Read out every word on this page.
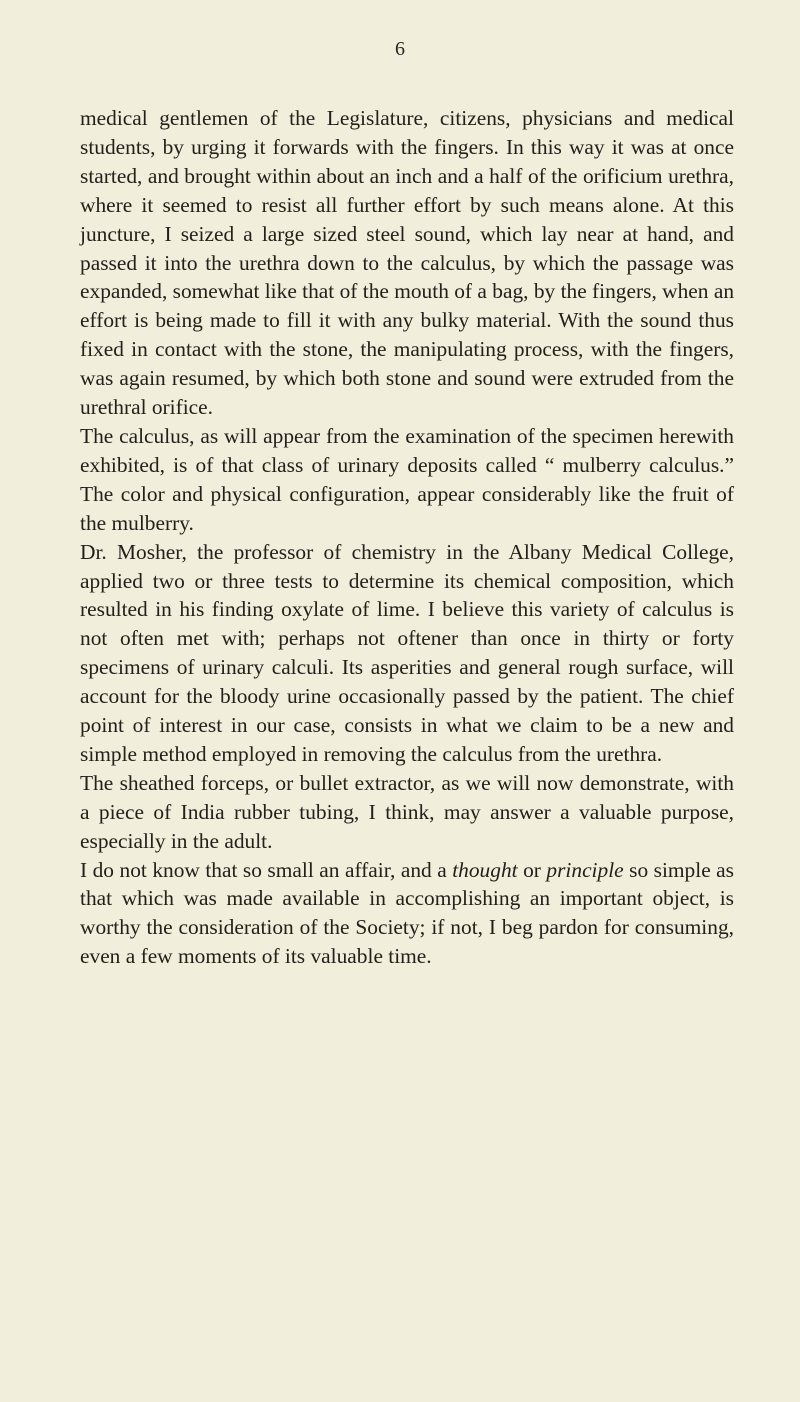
6

medical gentlemen of the Legislature, citizens, physicians and medical students, by urging it forwards with the fingers. In this way it was at once started, and brought within about an inch and a half of the orificium urethra, where it seemed to resist all further effort by such means alone. At this juncture, I seized a large sized steel sound, which lay near at hand, and passed it into the urethra down to the calculus, by which the passage was expanded, somewhat like that of the mouth of a bag, by the fingers, when an effort is being made to fill it with any bulky material. With the sound thus fixed in contact with the stone, the manipulating process, with the fingers, was again resumed, by which both stone and sound were extruded from the urethral orifice.

The calculus, as will appear from the examination of the specimen herewith exhibited, is of that class of urinary deposits called “ mulberry calculus.” The color and physical configuration, appear considerably like the fruit of the mulberry.

Dr. Mosher, the professor of chemistry in the Albany Medical College, applied two or three tests to determine its chemical composition, which resulted in his finding oxylate of lime. I believe this variety of calculus is not often met with; perhaps not oftener than once in thirty or forty specimens of urinary calculi. Its asperities and general rough surface, will account for the bloody urine occasionally passed by the patient. The chief point of interest in our case, consists in what we claim to be a new and simple method employed in removing the calculus from the urethra.

The sheathed forceps, or bullet extractor, as we will now demonstrate, with a piece of India rubber tubing, I think, may answer a valuable purpose, especially in the adult.

I do not know that so small an affair, and a thought or principle so simple as that which was made available in accomplishing an important object, is worthy the consideration of the Society; if not, I beg pardon for consuming, even a few moments of its valuable time.
